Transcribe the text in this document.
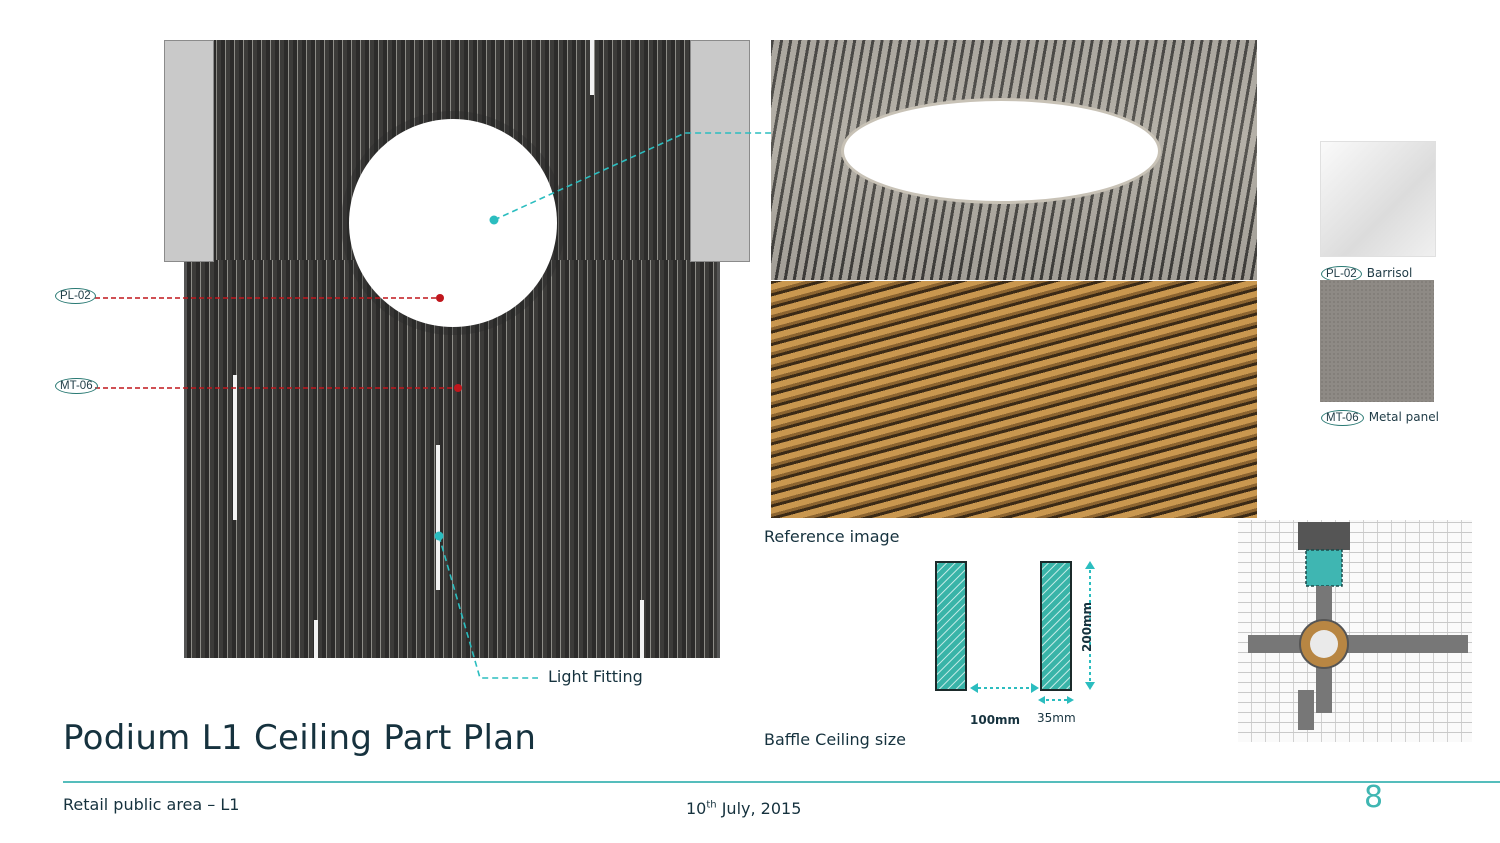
PL-02
MT-06
Light Fitting
Reference image
100mm 35mm
200mm
Baffle Ceiling size
PL-02 Barrisol
MT-06 Metal panel
Podium L1 Ceiling Part Plan
Retail public area – L1	10th July, 2015	8
